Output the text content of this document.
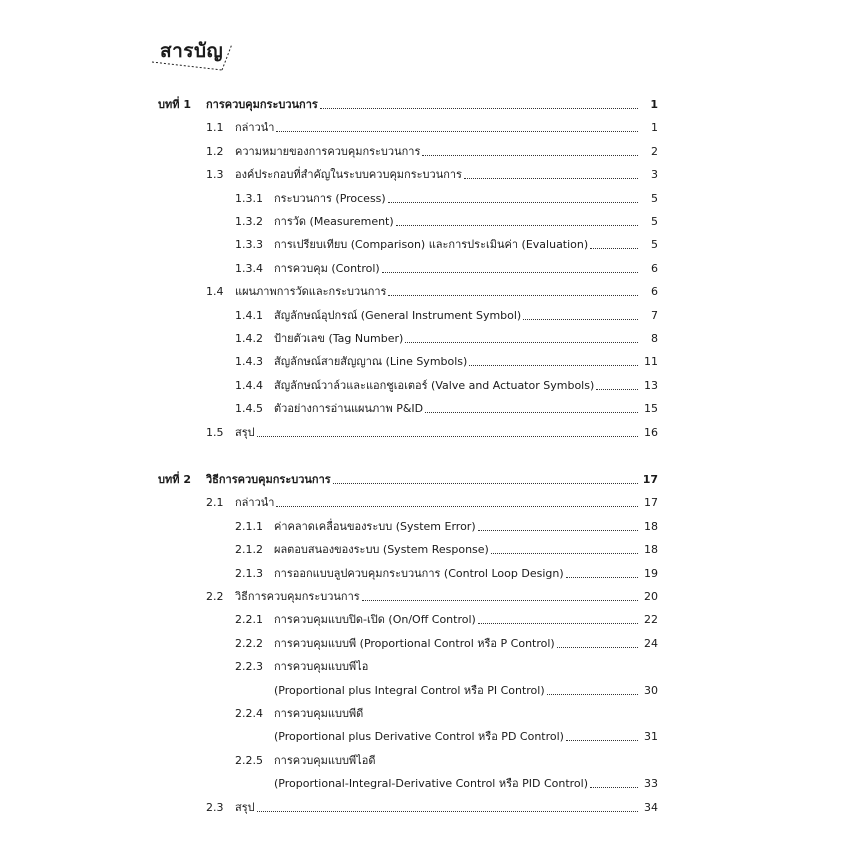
สารบัญ
บทที่ 1 การควบคุมกระบวนการ	1
1.1 กล่าวนำ	1
1.2 ความหมายของการควบคุมกระบวนการ	2
1.3 องค์ประกอบที่สำคัญในระบบควบคุมกระบวนการ	3
1.3.1 กระบวนการ (Process)	5
1.3.2 การวัด (Measurement)	5
1.3.3 การเปรียบเทียบ (Comparison) และการประเมินค่า (Evaluation)	5
1.3.4 การควบคุม (Control)	6
1.4 แผนภาพการวัดและกระบวนการ	6
1.4.1 สัญลักษณ์อุปกรณ์ (General Instrument Symbol)	7
1.4.2 ป้ายตัวเลข (Tag Number)	8
1.4.3 สัญลักษณ์สายสัญญาณ (Line Symbols)	11
1.4.4 สัญลักษณ์วาล์วและแอกชูเอเตอร์ (Valve and Actuator Symbols)	13
1.4.5 ตัวอย่างการอ่านแผนภาพ P&ID	15
1.5 สรุป	16
บทที่ 2 วิธีการควบคุมกระบวนการ	17
2.1 กล่าวนำ	17
2.1.1 ค่าคลาดเคลื่อนของระบบ (System Error)	18
2.1.2 ผลตอบสนองของระบบ (System Response)	18
2.1.3 การออกแบบลูปควบคุมกระบวนการ (Control Loop Design)	19
2.2 วิธีการควบคุมกระบวนการ	20
2.2.1 การควบคุมแบบปิด-เปิด (On/Off Control)	22
2.2.2 การควบคุมแบบพี (Proportional Control หรือ P Control)	24
2.2.3 การควบคุมแบบพีไอ
(Proportional plus Integral Control หรือ PI Control)	30
2.2.4 การควบคุมแบบพีดี
(Proportional plus Derivative Control หรือ PD Control)	31
2.2.5 การควบคุมแบบพีไอดี
(Proportional-Integral-Derivative Control หรือ PID Control)	33
2.3 สรุป	34
